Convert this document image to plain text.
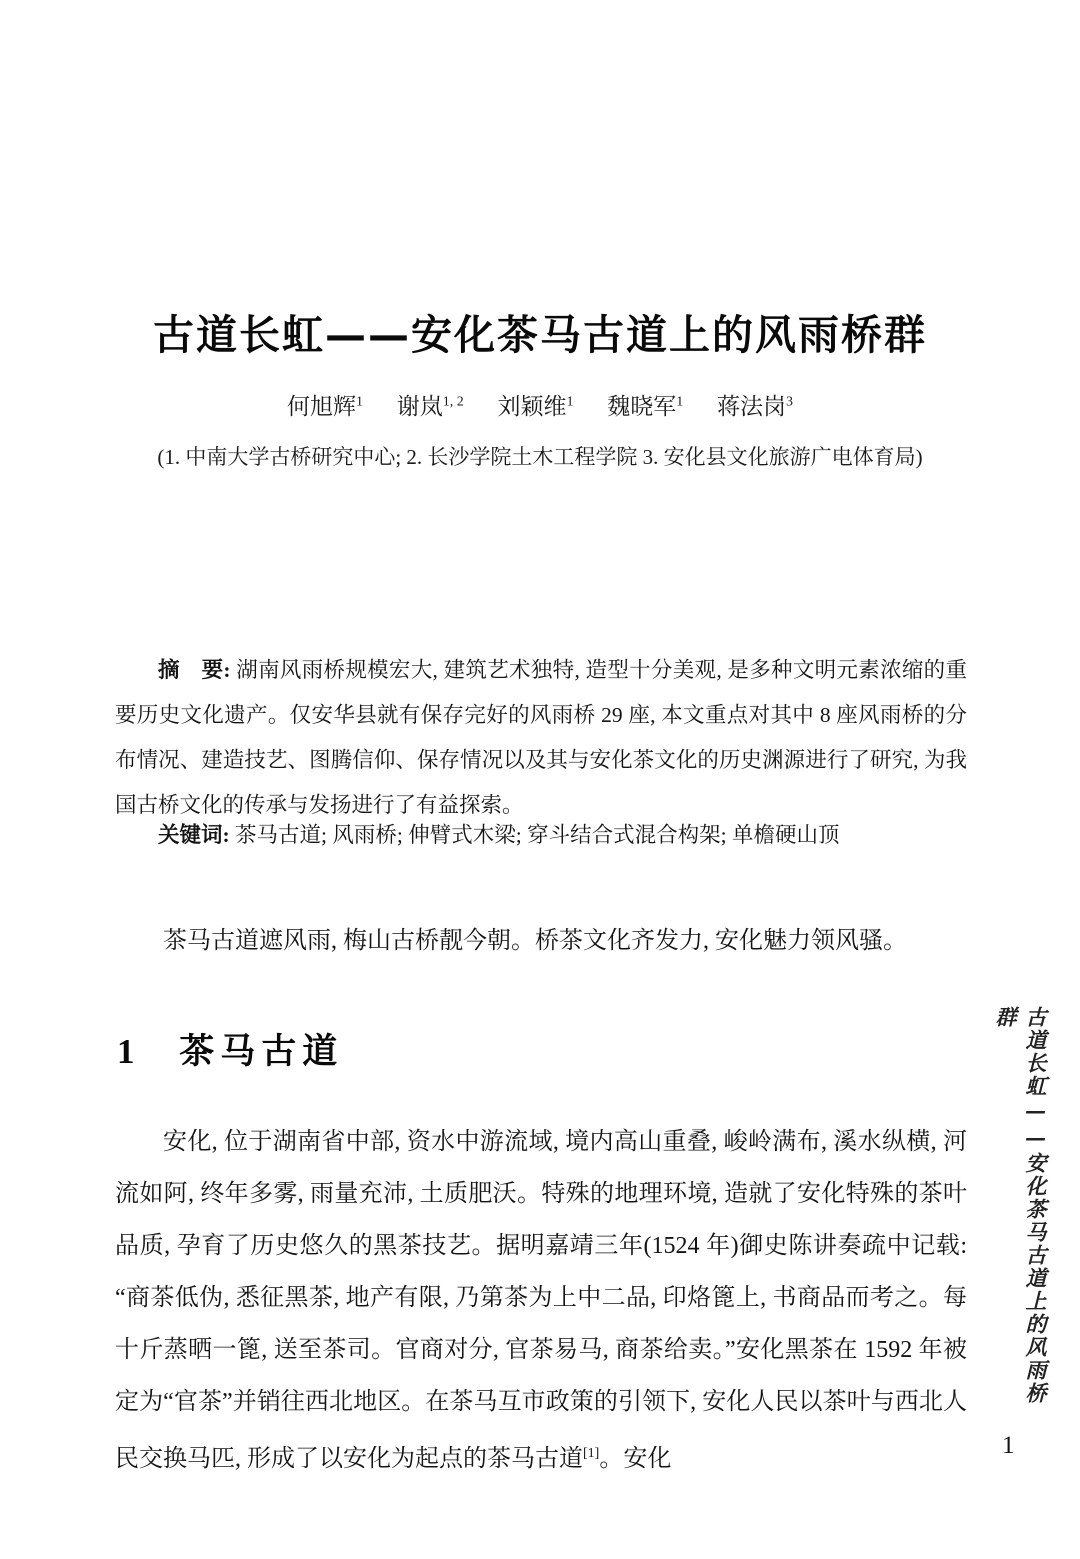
古道长虹——安化茶马古道上的风雨桥群
何旭辉$^1$ 谢岚$^{1, 2}$ 刘颖维$^1$ 魏晓军$^1$ 蒋法岗$^3$
(1. 中南大学古桥研究中心; 2. 长沙学院土木工程学院 3. 安化县文化旅游广电体育局)

摘　要: 湖南风雨桥规模宏大, 建筑艺术独特, 造型十分美观, 是多种文明元素浓缩的重要历史文化遗产。仅安华县就有保存完好的风雨桥 29 座, 本文重点对其中 8 座风雨桥的分布情况、建造技艺、图腾信仰、保存情况以及其与安化茶文化的历史渊源进行了研究, 为我国古桥文化的传承与发扬进行了有益探索。

关键词: 茶马古道; 风雨桥; 伸臂式木梁; 穿斗结合式混合构架; 单檐硬山顶

茶马古道遮风雨, 梅山古桥靓今朝。桥茶文化齐发力, 安化魅力领风骚。

1 茶马古道

安化, 位于湖南省中部, 资水中游流域, 境内高山重叠, 峻岭满布, 溪水纵横, 河流如阿, 终年多雾, 雨量充沛, 土质肥沃。特殊的地理环境, 造就了安化特殊的茶叶品质, 孕育了历史悠久的黑茶技艺。据明嘉靖三年(1524 年)御史陈讲奏疏中记载: “商茶低伪, 悉征黑茶, 地产有限, 乃第茶为上中二品, 印烙篦上, 书商品而考之。每十斤蒸晒一篦, 送至茶司。官商对分, 官茶易马, 商茶给卖。”安化黑茶在 1592 年被定为“官茶”并销往西北地区。在茶马互市政策的引领下, 安化人民以茶叶与西北人民交换马匹, 形成了以安化为起点的茶马古道[1]。安化

古道长虹——安化茶马古道上的风雨桥群
1
